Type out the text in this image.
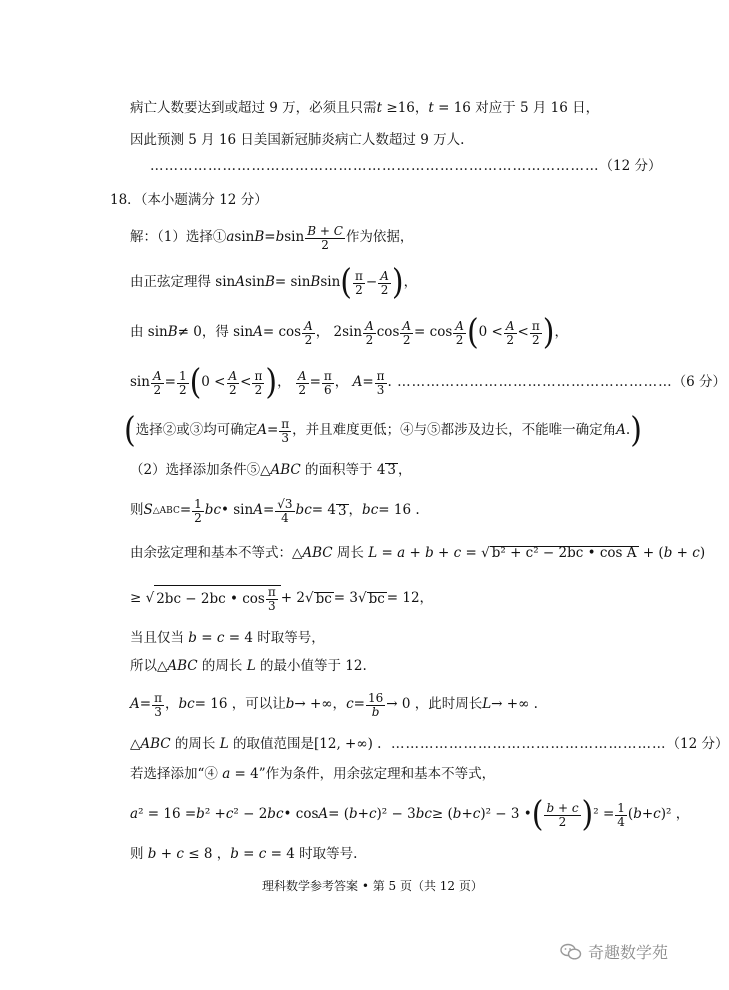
病亡人数要达到或超过 9 万，必须且只需t ≥16，t = 16 对应于 5 月 16 日，
因此预测 5 月 16 日美国新冠肺炎病亡人数超过 9 万人.
…………………………………………………………………………………（12 分）
18．（本小题满分 12 分）
解：（1）选择① a sin B = b $\sin \frac{B + C}{2}$ 作为依据，
由正弦定理得 sin A sin B = sin B sin ( $\frac{\pi}{2} - \frac{A}{2}$ ) ，
由 sin B ≠ 0，得 $\sin A = \cos \frac{A}{2}$ ， $2\sin \frac{A}{2}$ $\cos \frac{A}{2} = \cos \frac{A}{2}$ ( $0 < \frac{A}{2} < \frac{\pi}{2}$ ) ，
$\sin \frac{A}{2} = \frac{1}{2}$ ( $0 < \frac{A}{2} < \frac{\pi}{2}$ ) ，
$\frac{A}{2} = \frac{\pi}{6}$ ，
$A = \frac{\pi}{3}$ . ………………………………………………… （6 分）
( 选择②或③均可确定 $A = \frac{\pi}{3}$ ，并且难度更低；④与⑤都涉及边长，不能唯一确定角 A . )
（2）选择添加条件⑤△ABC 的面积等于 4 3 ，
则 S △ABC = $\frac{1}{2}$ bc • $\sin A = \frac{√3}{4}$ bc = 4 3 ， bc = 16 .
由余弦定理和基本不等式：△ABC 周长 L = a + b + c = √ b² + c² − 2bc • cos A + (b + c)
≥ √ 2bc − 2bc • $\cos \frac{\pi}{3} + 2$ √ bc = 3 √ bc = 12，
当且仅当 b = c = 4 时取等号，
所以△ABC 的周长 L 的最小值等于 12.
$A = \frac{\pi}{3}$ ， bc = 16 ，可以让 b → +∞， $c = \frac{16}{b} \to 0$ ，此时周长 L → +∞ .
△ABC 的周长 L 的取值范围是[12, +∞) .  …………………………………………………（12 分）
若选择添加“④ a = 4”作为条件，用余弦定理和基本不等式，
a ² = 16 = b ² + c ² − 2 bc • cos A = ( b + c )² − 3 bc ≥ ( b + c )² − 3 • ( $\frac{b + c}{2}$ ) $^2 = \frac{1}{4}$ ( b + c )² ，
则 b + c ≤ 8 ，b = c = 4 时取等号.
理科数学参考答案 • 第 5 页（共 12 页）
奇趣数学苑
